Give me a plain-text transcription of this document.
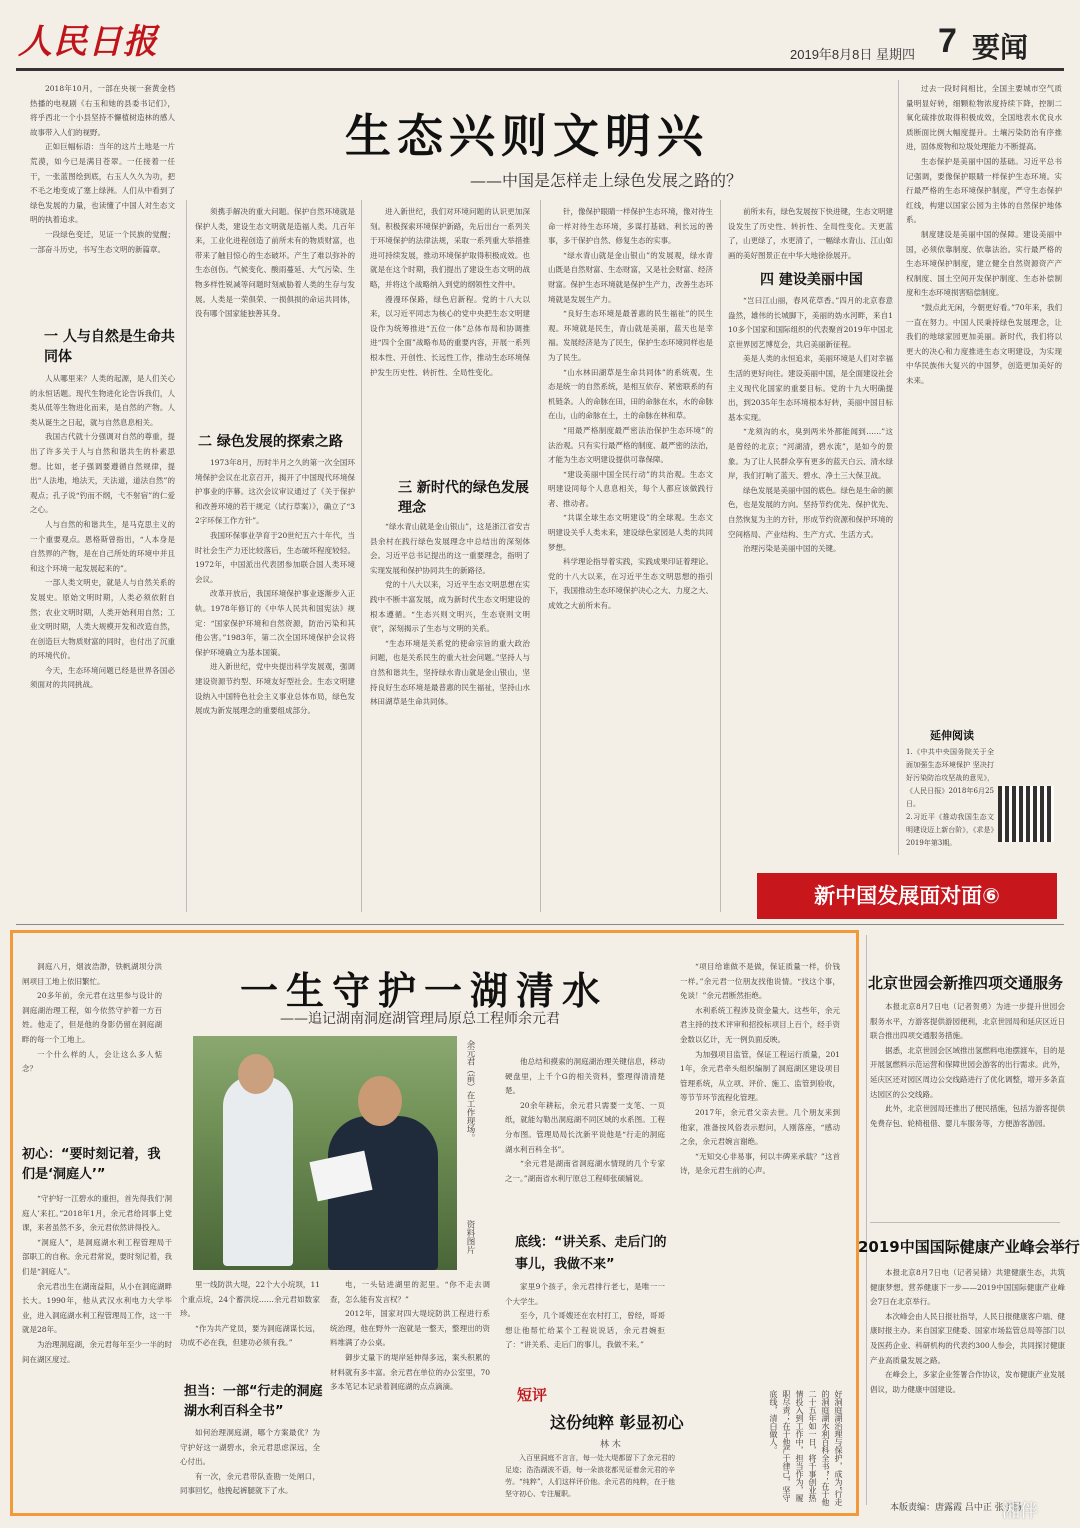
人民日报	2019年8月8日 星期四 7 要闻
生态兴则文明兴
——中国是怎样走上绿色发展之路的？

2018年10月，一部在央视一套黄金档热播的电视剧《右玉和她的县委书记们》，将乎西北一个小县坚持不懈植树造林的感人故事带入人们的视野。

正如巨幅标语：当年的这片土地是一片荒漠，如今已是满目苍翠。一任接着一任干，一张蓝图绘到底，右玉人久久为功，把不毛之地变成了塞上绿洲。人们从中看到了绿色发展的力量，也读懂了中国人对生态文明的执着追求。

一段绿色变迁，见证一个民族的觉醒；一部奋斗历史，书写生态文明的新篇章。

一 人与自然是生命共同体

人从哪里来？人类的起源，是人们关心的永恒话题。现代生物进化论告诉我们，人类从低等生物进化而来，是自然的产物。人类从诞生之日起，就与自然息息相关。

我国古代就十分强调对自然的尊重，提出了许多关于人与自然和谐共生的朴素思想。比如，老子强调要遵循自然规律，提出“人法地，地法天，天法道，道法自然”的观点；孔子说“钓而不纲，弋不射宿”的仁爱之心。

人与自然的和谐共生，是马克思主义的一个重要观点。恩格斯曾指出，“人本身是自然界的产物，是在自己所处的环境中并且和这个环境一起发展起来的”。

一部人类文明史，就是人与自然关系的发展史。原始文明时期，人类必须依附自然；农业文明时期，人类开始利用自然；工业文明时期，人类大规模开发和改造自然，在创造巨大物质财富的同时，也付出了沉重的环境代价。

今天，生态环境问题已经是世界各国必须面对的共同挑战。

须携手解决的重大问题。保护自然环境就是保护人类，建设生态文明就是造福人类。几百年来，工业化进程创造了前所未有的物质财富，也带来了触目惊心的生态破坏。产生了难以弥补的生态创伤。气候变化、酸雨蔓延、大气污染、生物多样性锐减等问题时刻威胁着人类的生存与发展。人类是一荣俱荣、一损俱损的命运共同体，没有哪个国家能独善其身。

二 绿色发展的探索之路

1973年8月，历时半月之久的第一次全国环境保护会议在北京召开，揭开了中国现代环境保护事业的序幕。这次会议审议通过了《关于保护和改善环境的若干规定（试行草案）》，确立了“32字环保工作方针”。

我国环保事业孕育于20世纪五六十年代，当时社会生产力还比较落后，生态破坏程度较轻。1972年，中国派出代表团参加联合国人类环境会议。

改革开放后，我国环境保护事业逐渐步入正轨。1978年修订的《中华人民共和国宪法》规定：“国家保护环境和自然资源，防治污染和其他公害。”1983年，第二次全国环境保护会议将保护环境确立为基本国策。

进入新世纪，党中央提出科学发展观，强调建设资源节约型、环境友好型社会。生态文明建设纳入中国特色社会主义事业总体布局，绿色发展成为新发展理念的重要组成部分。

进入新世纪，我们对环境问题的认识更加深刻。积极探索环境保护新路，先后出台一系列关于环境保护的法律法规，采取一系列重大举措推进可持续发展，推动环境保护取得积极成效。也就是在这个时期，我们提出了建设生态文明的战略，并将这个战略纳入到党的纲领性文件中。

漫漫环保路，绿色启新程。党的十八大以来，以习近平同志为核心的党中央把生态文明建设作为统筹推进“五位一体”总体布局和协调推进“四个全面”战略布局的重要内容，开展一系列根本性、开创性、长远性工作，推动生态环境保护发生历史性、转折性、全局性变化。

三 新时代的绿色发展理念

“绿水青山就是金山银山”，这是浙江省安吉县余村在践行绿色发展理念中总结出的深刻体会。习近平总书记提出的这一重要理念，指明了实现发展和保护协同共生的新路径。

党的十八大以来，习近平生态文明思想在实践中不断丰富发展，成为新时代生态文明建设的根本遵循。“生态兴则文明兴，生态衰则文明衰”，深刻揭示了生态与文明的关系。

“生态环境是关系党的使命宗旨的重大政治问题，也是关系民生的重大社会问题。”坚持人与自然和谐共生，坚持绿水青山就是金山银山，坚持良好生态环境是最普惠的民生福祉，坚持山水林田湖草是生命共同体。

针，像保护眼睛一样保护生态环境，像对待生命一样对待生态环境，多谋打基础、利长远的善事，多干保护自然、修复生态的实事。

“绿水青山就是金山银山”的发展观，绿水青山既是自然财富、生态财富，又是社会财富、经济财富。保护生态环境就是保护生产力，改善生态环境就是发展生产力。

“良好生态环境是最普惠的民生福祉”的民生观。环境就是民生，青山就是美丽，蓝天也是幸福。发展经济是为了民生，保护生态环境同样也是为了民生。

“山水林田湖草是生命共同体”的系统观。生态是统一的自然系统，是相互依存、紧密联系的有机链条。人的命脉在田，田的命脉在水，水的命脉在山，山的命脉在土，土的命脉在林和草。

“用最严格制度最严密法治保护生态环境”的法治观。只有实行最严格的制度、最严密的法治，才能为生态文明建设提供可靠保障。

“建设美丽中国全民行动”的共治观。生态文明建设同每个人息息相关，每个人都应该做践行者、推动者。

“共谋全球生态文明建设”的全球观。生态文明建设关乎人类未来，建设绿色家园是人类的共同梦想。

科学理论指导着实践，实践成果印证着理论。党的十八大以来，在习近平生态文明思想的指引下，我国推动生态环境保护决心之大、力度之大、成效之大前所未有。

前所未有，绿色发展按下快进键，生态文明建设发生了历史性、转折性、全局性变化。天更蓝了，山更绿了，水更清了，一幅绿水青山、江山如画的美好图景正在中华大地徐徐展开。

四 建设美丽中国

“岂曰江山丽，春风花草香。”四月的北京春意盎然，雄伟的长城脚下，美丽的妫水河畔，来自110多个国家和国际组织的代表聚首2019年中国北京世界园艺博览会，共启美丽新征程。

美是人类的永恒追求，美丽环境是人们对幸福生活的更好向往。建设美丽中国，是全面建设社会主义现代化国家的重要目标。党的十九大明确提出，到2035年生态环境根本好转，美丽中国目标基本实现。

“龙须沟的水，臭到两米外都能闻到……”这是曾经的北京；“河湖清，碧水流”，是如今的景象。为了让人民群众享有更多的蓝天白云、清水绿岸，我们打响了蓝天、碧水、净土三大保卫战。

绿色发展是美丽中国的底色。绿色是生命的颜色，也是发展的方向。坚持节约优先、保护优先、自然恢复为主的方针，形成节约资源和保护环境的空间格局、产业结构、生产方式、生活方式。

治理污染是美丽中国的关键。

过去一段时间相比，全国主要城市空气质量明显好转，细颗粒物浓度持续下降，控制二氧化硫排放取得积极成效，全国地表水优良水质断面比例大幅度提升。土壤污染防治有序推进，固体废物和垃圾处理能力不断提高。

生态保护是美丽中国的基础。习近平总书记强调，要像保护眼睛一样保护生态环境。实行最严格的生态环境保护制度，严守生态保护红线，构建以国家公园为主体的自然保护地体系。

制度建设是美丽中国的保障。建设美丽中国，必须依靠制度、依靠法治。实行最严格的生态环境保护制度，建立健全自然资源资产产权制度、国土空间开发保护制度、生态补偿制度和生态环境损害赔偿制度。

“鼓点此无闲，今朝更好看。”70年来，我们一直在努力。中国人民秉持绿色发展理念，让我们的地球家园更加美丽。新时代，我们将以更大的决心和力度推进生态文明建设，为实现中华民族伟大复兴的中国梦，创造更加美好的未来。

延伸阅读

1.《中共中央国务院关于全面加强生态环境保护 坚决打好污染防治攻坚战的意见》，《人民日报》2018年6月25日。

2.习近平《推动我国生态文明建设迈上新台阶》，《求是》2019年第3期。

新中国发展面对面⑥
一生守护一湖清水
——追记湖南洞庭湖管理局原总工程师余元君

洞庭八月，烟波浩渺，铁帆湖坝分洪闸项目工地上依旧繁忙。

20多年前，余元君在这里参与设计的洞庭湖治理工程，如今依然守护着一方百姓。他走了，但是他的身影仍留在洞庭湖畔的每一个工地上。

一个什么样的人，会让这么多人惦念？

初心：“要时刻记着，我们是‘洞庭人’”

“守护好一江碧水的重担，首先得我们‘洞庭人’来扛。”2018年1月，余元君给同事上党课，来者虽然不多，余元君依然讲得投入。

“洞庭人”，是洞庭湖水利工程管理局干部职工的自称。余元君常说，要时刻记着，我们是“洞庭人”。

余元君出生在湖南益阳，从小在洞庭湖畔长大。1990年，他从武汉水利电力大学毕业，进入洞庭湖水利工程管理局工作，这一干就是28年。

为治理洞庭湖，余元君每年至少一半的时间在湖区度过。

余元君（前）在工作现场。
资料图片

里一线防洪大堤，22个大小垸坝，11个重点垸，24个蓄洪垸……余元君如数家珍。

“作为共产党员，要为洞庭湖谋长远，功成不必在我，但建功必须有我。”

担当：一部“行走的洞庭湖水利百科全书”

如何治理洞庭湖，哪个方案最优？为守护好这一湖碧水，余元君思虑深远，全心付出。

有一次，余元君带队查勘一处闸口，同事回忆，他挽起裤腿就下了水。

电，一头钻进湖里的泥里。“你不走去调查，怎么能有发言权？”

2012年，国家对四大堤垸防洪工程进行系统治理，他在野外一泡就是一整天，整理出的资料堆满了办公桌。

御步丈量下的堤岸延伸得多远，案头积累的材料就有多丰富。余元君在单位的办公室里，70多本笔记本记录着洞庭湖的点点滴滴。

他总结和摸索的洞庭湖治理关键信息，移动硬盘里，上千个G的相关资料，整理得清清楚楚。

20余年耕耘，余元君只需要一支笔、一页纸，就能勾勒出洞庭湖不同区域的水系图。工程分布图。管理局局长沈新平说他是“行走的洞庭湖水利百科全书”。

“余元君是湖南省洞庭湖水情现的几个专家之一。”湖南省水利厅原总工程师张硕辅说。

底线：“讲关系、走后门的事儿，我做不来”

家里9个孩子，余元君排行老七，是唯一一个大学生。

至今，几个哥嫂还在农村打工，曾经，哥哥想让他帮忙给某个工程说说话，余元君婉拒了：“讲关系、走后门的事儿，我做不来。”

短评
这份纯粹 彰显初心
林 木

入百里洞庭不言言，每一处大堤都留下了余元君的足迹；浩浩湖波不语，每一朵浪花都见证着余元君的辛劳。“纯粹”，人们这样评价他。余元君的纯粹，在于他坚守初心、专注履职。

“项目给谁做不是做，保证质量一样，价钱一样。”余元君一位朋友找他说情。“找这个事，免谈！”余元君断然拒绝。

水利系统工程涉及资金量大。这些年，余元君主持的技术评审和招投标项目上百个，经手资金数以亿计，无一例负面反映。

为加强项目监管，保证工程运行质量，2011年，余元君牵头组织编制了洞庭湖区建设项目管理系统，从立项、评价、施工、监管到验收，等节节环节流程化管理。

2017年，余元君父亲去世。几个朋友来到他家，准备按风俗表示慰问，人刚落座，“感动之余，余元君婉言谢绝。

“无知交心非易事，何以丰碑来承载？”这首诗，是余元君生前的心声。

好洞庭湖治理与保护，成为“行走的洞庭湖水利百科全书”；在于他二十五年如一日，将千事创业热情投入到工作中，担当作为，履职尽责；在于他严于律己，坚守底线，清白做人。
北京世园会新推四项交通服务

本报北京8月7日电（记者贺勇）为进一步提升世园会服务水平，方游客提供游园便利，北京世园局和延庆区近日联合推出四项交通服务措施。

据悉，北京世园会区域推出氢燃料电池摆渡车，目的是开展氢燃料示范运营和保障世园会游客的出行需求。此外，延庆区还对园区周边公交线路进行了优化调整，增开多条直达园区的公交线路。

此外，北京世园局还推出了便民措施，包括为游客提供免费存包、轮椅租借、婴儿车服务等，方便游客游园。

2019中国国际健康产业峰会举行

本报北京8月7日电（记者吴储）共建健康生态，共筑健康梦想。营养健康下一步——2019中国国际健康产业峰会7日在北京举行。

本次峰会由人民日报社指导，人民日报健康客户端、健康时报主办。来自国家卫健委、国家市场监管总局等部门以及医药企业、科研机构的代表约300人参会，共同探讨健康产业高质量发展之路。

在峰会上，多家企业签署合作协议，发布健康产业发展倡议，助力健康中国建设。

本版责编：唐露霞 吕中正 张子扬
湘伴
